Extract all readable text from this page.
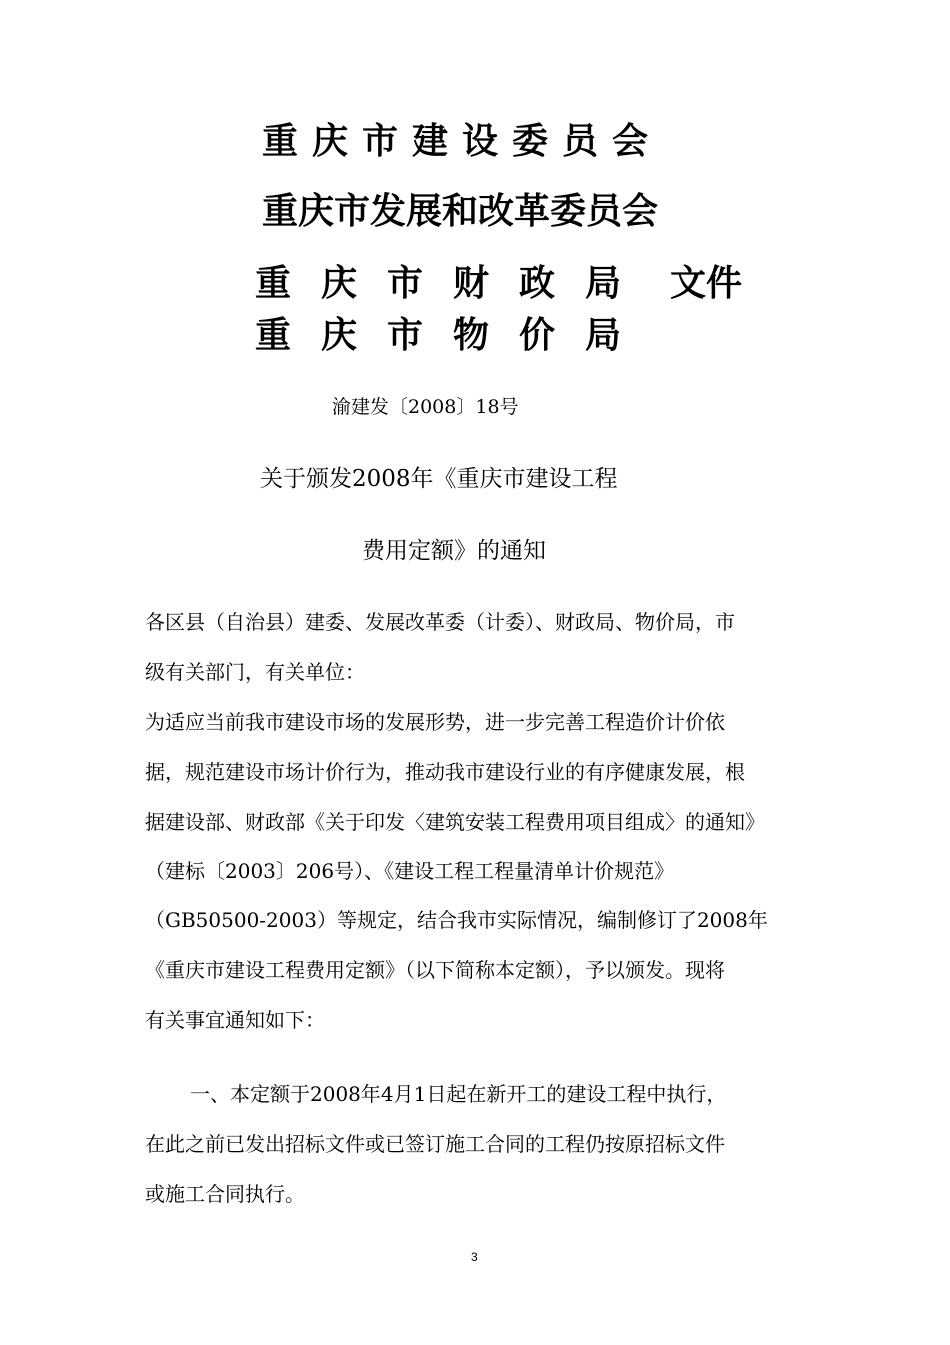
重庆市建设委员会
重庆市发展和改革委员会
重庆市财政局 文件
重庆市物价局
渝建发〔2008〕18号
关于颁发2008年《重庆市建设工程
费用定额》的通知
各区县（自治县）建委、发展改革委（计委）、财政局、物价局，市
级有关部门，有关单位：
为适应当前我市建设市场的发展形势，进一步完善工程造价计价依
据，规范建设市场计价行为，推动我市建设行业的有序健康发展，根
据建设部、财政部《关于印发〈建筑安装工程费用项目组成〉的通知》
（建标〔2003〕206号）、《建设工程工程量清单计价规范》
（GB50500-2003）等规定，结合我市实际情况，编制修订了2008年
《重庆市建设工程费用定额》（以下简称本定额），予以颁发。现将
有关事宜通知如下：
一、本定额于2008年4月1日起在新开工的建设工程中执行，
在此之前已发出招标文件或已签订施工合同的工程仍按原招标文件
或施工合同执行。
3
